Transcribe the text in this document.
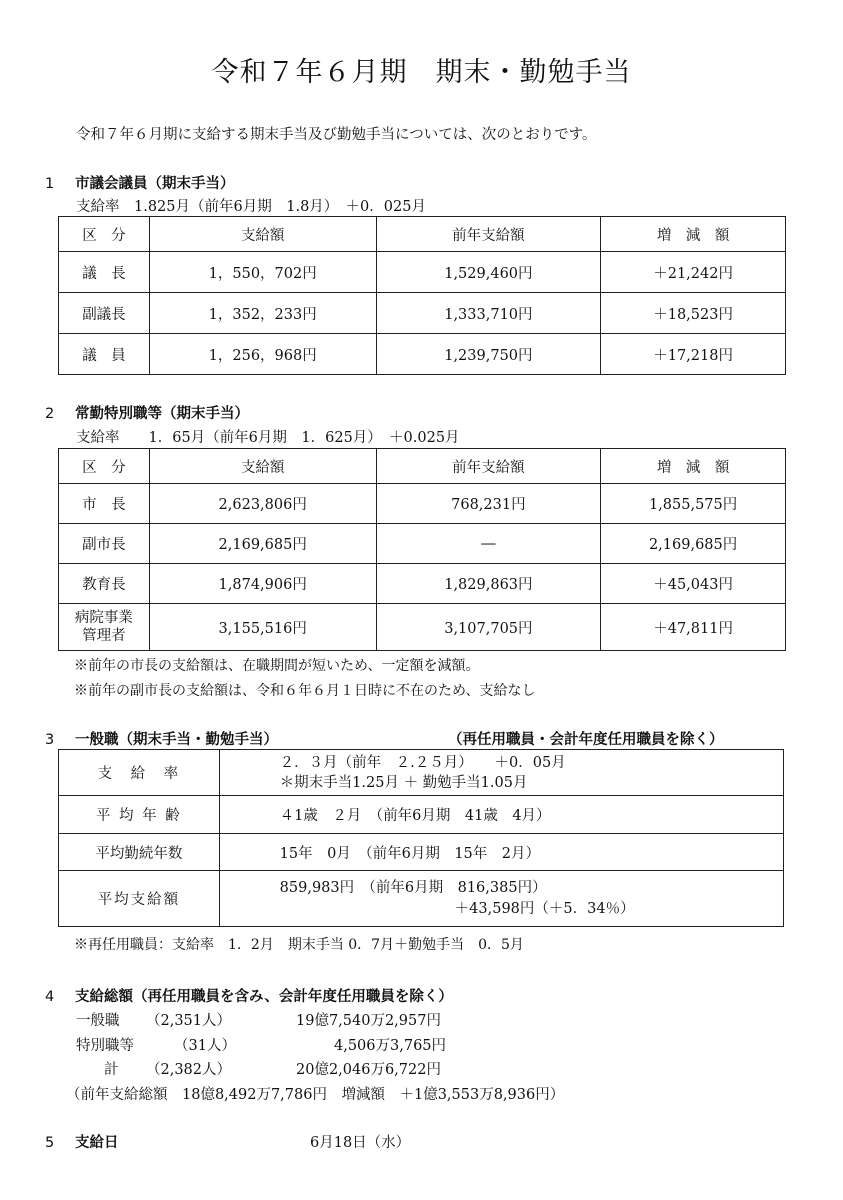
令和７年６月期　期末・勤勉手当
令和７年６月期に支給する期末手当及び勤勉手当については、次のとおりです。
1 市議会議員（期末手当）
支給率　1.825月（前年6月期　1.8月）　＋0．025月
区　分	支給額	前年支給額	増　減　額
議　長	1，550，702円	1,529,460円	＋21,242円
副議長	1，352，233円	1,333,710円	＋18,523円
議　員	1，256，968円	1,239,750円	＋17,218円
2 常勤特別職等（期末手当）
支給率　　1．65月（前年6月期　1．625月）　＋0.025月
区　分	支給額	前年支給額	増　減　額
市　長	2,623,806円	768,231円	1,855,575円
副市長	2,169,685円	―	2,169,685円
教育長	1,874,906円	1,829,863円	＋45,043円
病院事業
管理者	3,155,516円	3,107,705円	＋47,811円
※前年の市長の支給額は、在職期間が短いため、一定額を減額。
※前年の副市長の支給額は、令和６年６月１日時に不在のため、支給なし
3 一般職（期末手当・勤勉手当）	（再任用職員・会計年度任用職員を除く）
支　給　率	２．３月（前年　２.２５月）　　＋0．05月
＊期末手当1.25月 ＋ 勤勉手当1.05月

平 均 年 齢	４1歳　２月　（前年6月期　41歳　4月）
平均勤続年数	15年　0月　（前年6月期　15年　2月）
平均支給額	859,983円　（前年6月期　816,385円）
＋43,598円（＋5．34％）
※再任用職員：支給率　1．2月　期末手当 0．7月＋勤勉手当　0．5月
4 支給総額（再任用職員を含み、会計年度任用職員を除く）
一般職 （2,351人）	19億7,540万2,957円
特別職等	（31人）	4,506万3,765円
計 （2,382人）	20億2,046万6,722円
（前年支給総額　18億8,492万7,786円　増減額　＋1億3,553万8,936円）
5 支給日	6月18日（水）
